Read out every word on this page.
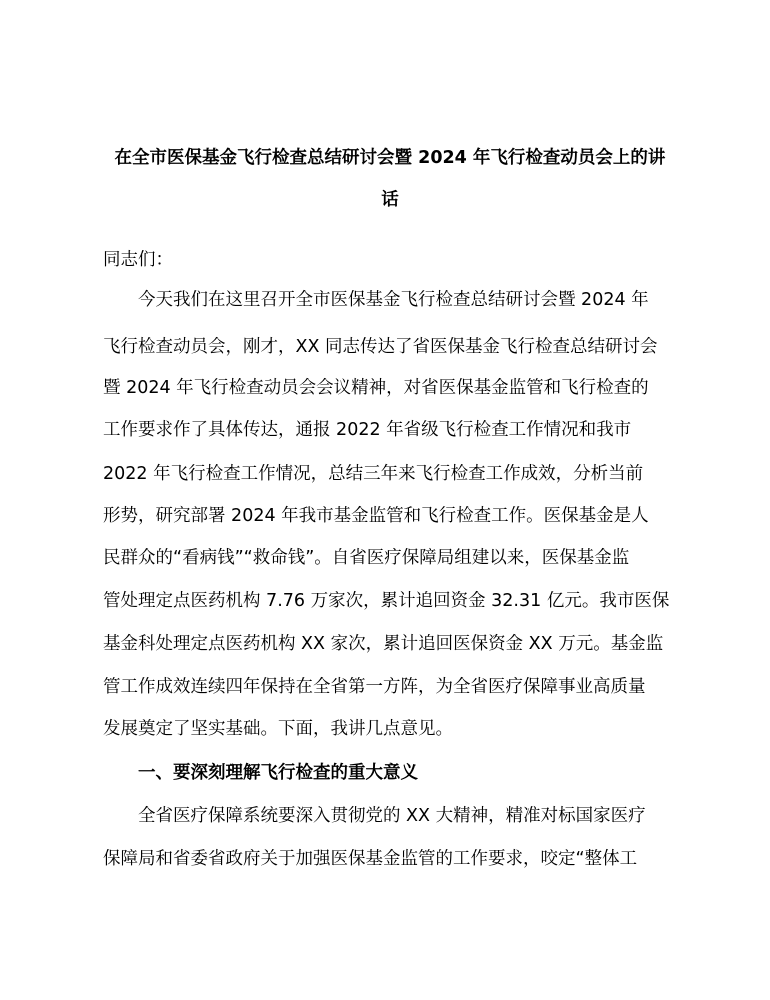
在全市医保基金飞行检查总结研讨会暨 2024 年飞行检查动员会上的讲
话
同志们：
今天我们在这里召开全市医保基金飞行检查总结研讨会暨 2024 年
飞行检查动员会，刚才，XX 同志传达了省医保基金飞行检查总结研讨会
暨 2024 年飞行检查动员会会议精神，对省医保基金监管和飞行检查的
工作要求作了具体传达，通报 2022 年省级飞行检查工作情况和我市
2022 年飞行检查工作情况，总结三年来飞行检查工作成效，分析当前
形势，研究部署 2024 年我市基金监管和飞行检查工作。医保基金是人
民群众的“看病钱”“救命钱”。自省医疗保障局组建以来，医保基金监
管处理定点医药机构 7.76 万家次，累计追回资金 32.31 亿元。我市医保
基金科处理定点医药机构 XX 家次，累计追回医保资金 XX 万元。基金监
管工作成效连续四年保持在全省第一方阵，为全省医疗保障事业高质量
发展奠定了坚实基础。下面，我讲几点意见。
一、要深刻理解飞行检查的重大意义
全省医疗保障系统要深入贯彻党的 XX 大精神，精准对标国家医疗
保障局和省委省政府关于加强医保基金监管的工作要求，咬定“整体工
